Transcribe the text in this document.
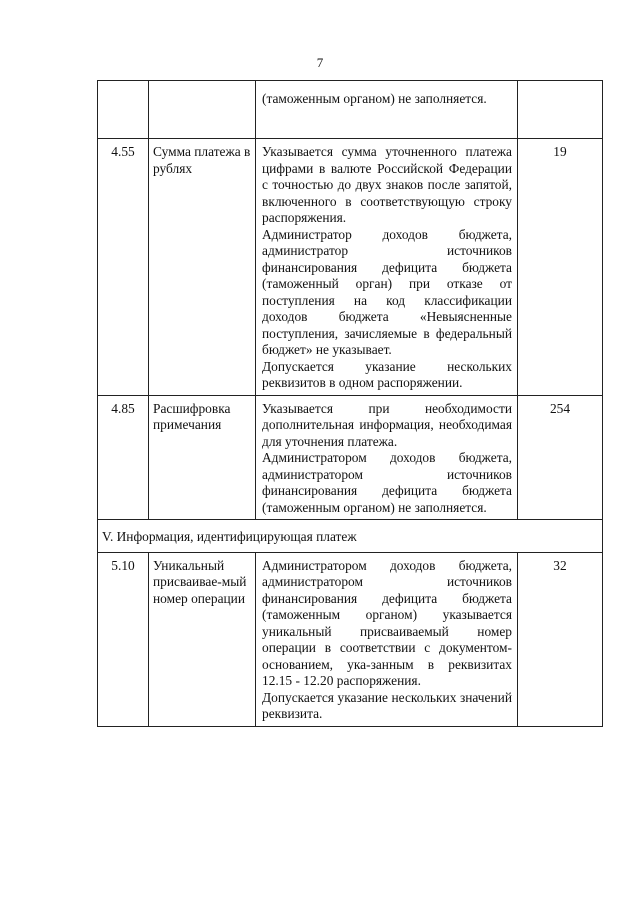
7

		(таможенным органом) не заполняется.	

4.55	Сумма платежа в рублях	Указывается сумма уточненного платежа цифрами в валюте Российской Федерации с точностью до двух знаков после запятой, включенного в соответствующую строку распоряжения.
Администратор доходов бюджета, администратор источников финансирования дефицита бюджета (таможенный орган) при отказе от поступления на код классификации доходов бюджета «Невыясненные поступления, зачисляемые в федеральный бюджет» не указывает.
Допускается указание нескольких реквизитов в одном распоряжении.	19
4.85	Расшифровка примечания	Указывается при необходимости дополнительная информация, необходимая для уточнения платежа.
Администратором доходов бюджета, администратором источников финансирования дефицита бюджета (таможенным органом) не заполняется.	254
V. Информация, идентифицирующая платеж			
5.10	Уникальный присваивае-мый номер операции	Администратором доходов бюджета, администратором источников финансирования дефицита бюджета (таможенным органом) указывается уникальный присваиваемый номер операции в соответствии с документом-основанием, ука-занным в реквизитах 12.15 - 12.20 распоряжения.
Допускается указание нескольких значений реквизита.	32
